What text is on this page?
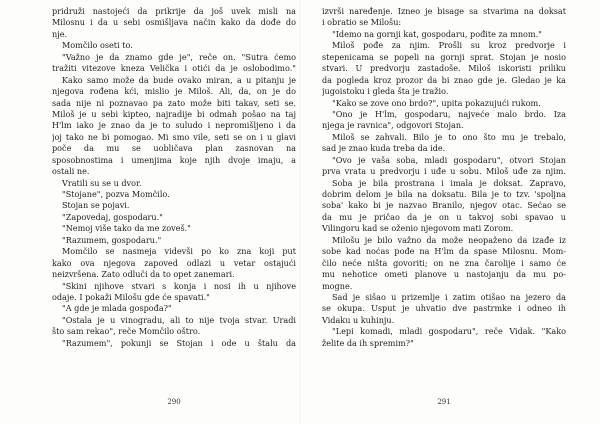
pridruži nastojeći da prikrije da još uvek misli na
Milosnu i da u sebi osmišljava način kako da dođe do
nje.
Momčilo oseti to.
"Važno je da znamo gde je", reče on. "Sutra ćemo
tražiti vitezove kneza Velička i otići da je oslobodimo."
Kako samo može da bude ovako miran, a u pitanju je
njegova rođena kći, mislio je Miloš. Ali, da, on je do
sada nije ni poznavao pa zato može biti takav, seti se.
Miloš je u sebi kipteo, najradije bi odmah pošao na taj
H'lm iako je znao da je to suludo i nepromišljeno i da
joj tako ne bi pomogao. Mi smo vile, seti se on i u glavi
poče da mu se uobličava plan zasnovan na
sposobnostima i umenjima koje njih dvoje imaju, a
ostali ne.
Vratili su se u dvor.
"Stojane", pozva Momčilo.
Stojan se pojavi.
"Zapovedaj, gospodaru."
"Nemoj više tako da me zoveš."
"Razumem, gospodaru."
Momčilo se nasmeja videvši po ko zna koji put
kako ova njegova zapoved odlazi u vetar ostajući
neizvršena. Zato odluči da to opet zanemari.
"Skini njihove stvari s konja i nosi ih u njihove
odaje. I pokaži Milošu gde će spavati."
"A gde je mlada gospođa?"
"Ostala je u vinogradu, ali to nije tvoja stvar. Uradi
što sam rekao", reče Momčilo oštro.
"Razumem", pokunji se Stojan i ode u štalu da
izvrši naređenje. Izneo je bisage sa stvarima na doksat
i obratio se Milošu:
"Idemo na gornji kat, gospodaru, pođite za mnom."
Miloš pođe za njim. Prošli su kroz predvorje i
stepenicama se popeli na gornji sprat. Stojan je nosio
stvari. U predvorju zastadoše. Miloš iskoristi priliku
da pogleda kroz prozor da bi znao gde je. Gledao je ka
jugoistoku i gleda šta je tražio.
"Kako se zove ono brdo?", upita pokazujući rukom.
"Ono je H'lm, gospodaru, najveće malo brdo. Iza
njega je ravnica", odgovori Stojan.
Miloš se zahvali. Bilo je to ono što mu je trebalo,
sad je znao kuda treba da ide.
"Ovo je vaša soba, mladi gospodaru", otvori Stojan
prva vrata u predvorju i uđe u sobu. Miloš uđe za njim.
Soba je bila prostrana i imala je doksat. Zapravo,
dobrim delom je bila na doksatu. Bila je to tzv. 'spoljna
soba' kako bi je nazvao Branilo, njegov otac. Sećao se
da mu je pričao da je on u takvoj sobi spavao u
Vilingoru kad se oženio njegovom mati Zorom.
Milošu je bilo važno da može neopaženo da izađe iz
sobe kad noćas pođe na H'lm da spase Milosnu. Mom-
čilo neće ništa govoriti; on ne zna čarolije i samo će
mu nehotice ometi planove u nastojanju da mu po-
mogne.
Sad je sišao u prizemlje i zatim otišao na jezero da
se okupa. Usput je uhvatio dve pastrmke i odneo ih
Vidaku u kuhinju.
"Lepi komadi, mladi gospodaru", reče Vidak. "Kako
želite da ih spremim?"
290	291
